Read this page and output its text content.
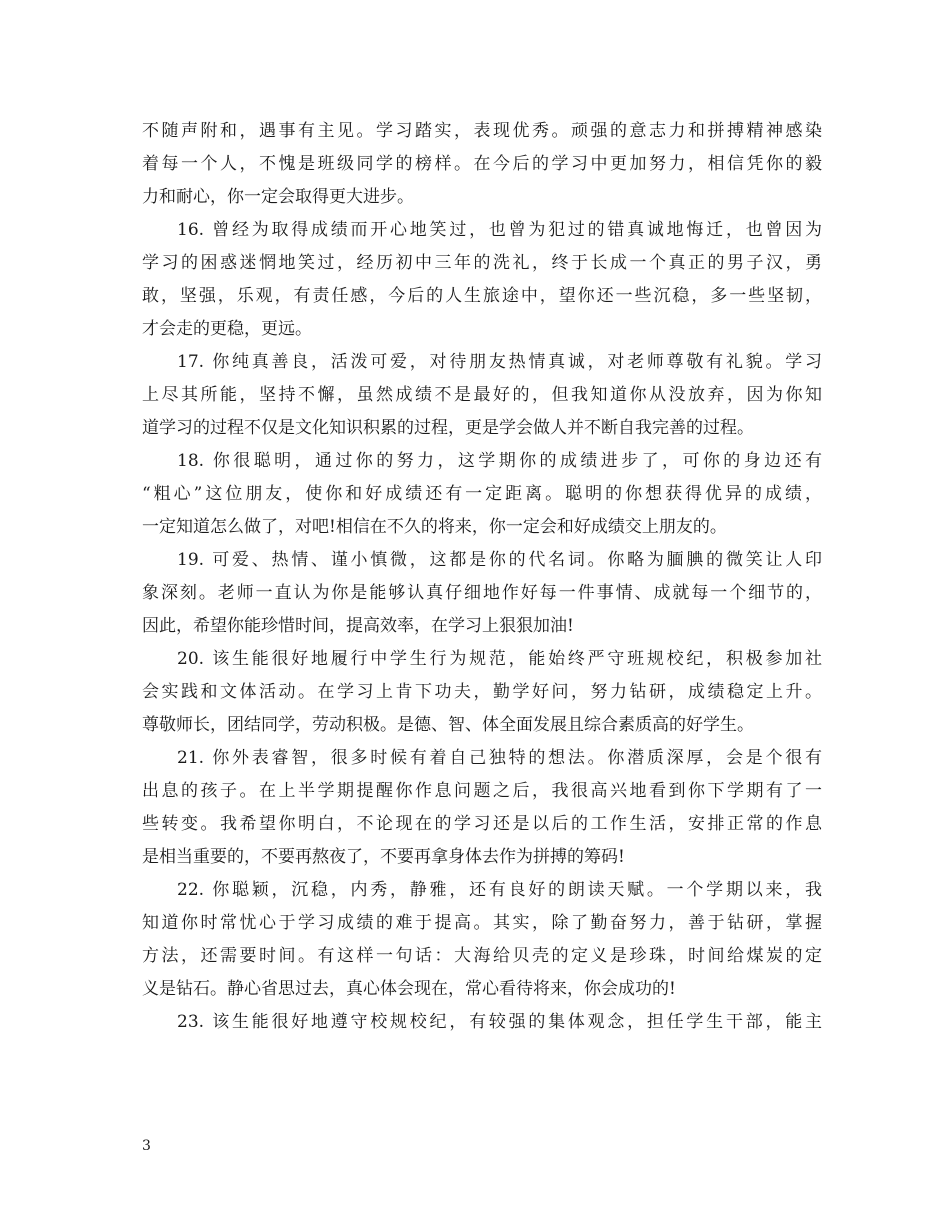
不随声附和，遇事有主见。学习踏实，表现优秀。顽强的意志力和拼搏精神感染
着每一个人，不愧是班级同学的榜样。在今后的学习中更加努力，相信凭你的毅
力和耐心，你一定会取得更大进步。
16. 曾经为取得成绩而开心地笑过，也曾为犯过的错真诚地悔迁，也曾因为
学习的困惑迷惘地笑过，经历初中三年的洗礼，终于长成一个真正的男子汉，勇
敢，坚强，乐观，有责任感，今后的人生旅途中，望你还一些沉稳，多一些坚韧，
才会走的更稳，更远。
17. 你纯真善良，活泼可爱，对待朋友热情真诚，对老师尊敬有礼貌。学习
上尽其所能，坚持不懈，虽然成绩不是最好的，但我知道你从没放弃，因为你知
道学习的过程不仅是文化知识积累的过程，更是学会做人并不断自我完善的过程。
18. 你很聪明，通过你的努力，这学期你的成绩进步了，可你的身边还有
“粗心”这位朋友，使你和好成绩还有一定距离。聪明的你想获得优异的成绩，
一定知道怎么做了，对吧!相信在不久的将来，你一定会和好成绩交上朋友的。
19. 可爱、热情、谨小慎微，这都是你的代名词。你略为腼腆的微笑让人印
象深刻。老师一直认为你是能够认真仔细地作好每一件事情、成就每一个细节的，
因此，希望你能珍惜时间，提高效率，在学习上狠狠加油!
20. 该生能很好地履行中学生行为规范，能始终严守班规校纪，积极参加社
会实践和文体活动。在学习上肯下功夫，勤学好问，努力钻研，成绩稳定上升。
尊敬师长，团结同学，劳动积极。是德、智、体全面发展且综合素质高的好学生。
21. 你外表睿智，很多时候有着自己独特的想法。你潜质深厚，会是个很有
出息的孩子。在上半学期提醒你作息问题之后，我很高兴地看到你下学期有了一
些转变。我希望你明白，不论现在的学习还是以后的工作生活，安排正常的作息
是相当重要的，不要再熬夜了，不要再拿身体去作为拼搏的筹码!
22. 你聪颖，沉稳，内秀，静雅，还有良好的朗读天赋。一个学期以来，我
知道你时常忧心于学习成绩的难于提高。其实，除了勤奋努力，善于钻研，掌握
方法，还需要时间。有这样一句话：大海给贝壳的定义是珍珠，时间给煤炭的定
义是钻石。静心省思过去，真心体会现在，常心看待将来，你会成功的!
23. 该生能很好地遵守校规校纪，有较强的集体观念，担任学生干部，能主
3
